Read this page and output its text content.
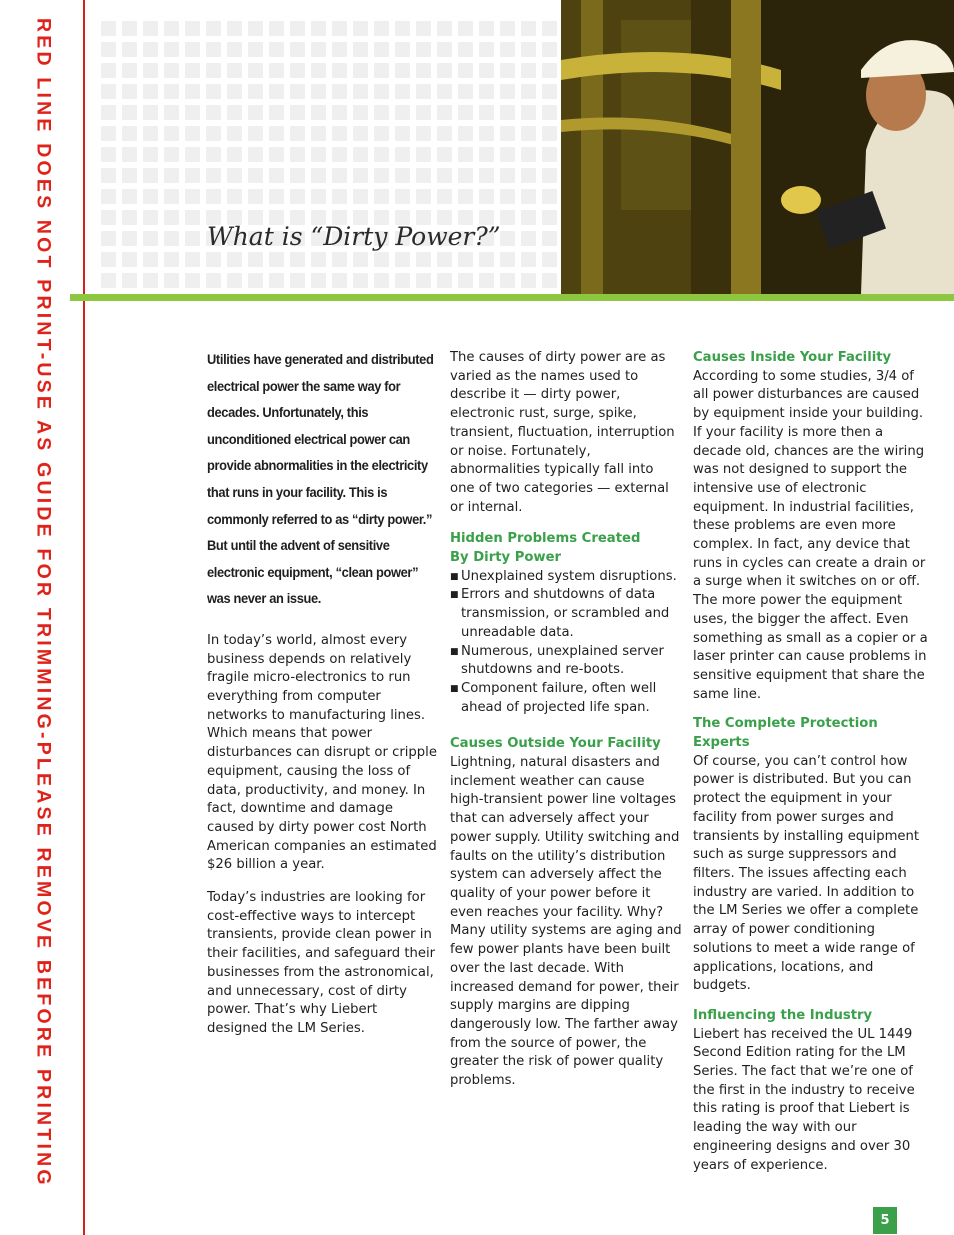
RED LINE DOES NOT PRINT-USE AS GUIDE FOR TRIMMING-PLEASE REMOVE BEFORE PRINTING	What is “Dirty Power?”

Utilities have generated and distributed electrical power the same way for decades. Unfortunately, this unconditioned electrical power can provide abnormalities in the electricity that runs in your facility. This is commonly referred to as “dirty power.” But until the advent of sensitive electronic equipment, “clean power” was never an issue.

In today’s world, almost every business depends on relatively fragile micro-electronics to run everything from computer networks to manufacturing lines. Which means that power disturbances can disrupt or cripple equipment, causing the loss of data, productivity, and money. In fact, downtime and damage caused by dirty power cost North American companies an estimated $26 billion a year.

Today’s industries are looking for cost-effective ways to intercept transients, provide clean power in their facilities, and safeguard their businesses from the astronomical, and unnecessary, cost of dirty power. That’s why Liebert designed the LM Series.

The causes of dirty power are as varied as the names used to describe it — dirty power, electronic rust, surge, spike, transient, fluctuation, interruption or noise. Fortunately, abnormalities typically fall into one of two categories — external or internal.

Hidden Problems Created
By Dirty Power
■ Unexplained system disruptions.
■ Errors and shutdowns of data transmission, or scrambled and unreadable data.
■ Numerous, unexplained server shutdowns and re-boots.
■ Component failure, often well ahead of projected life span.
Causes Outside Your Facility

Lightning, natural disasters and inclement weather can cause high-transient power line voltages that can adversely affect your power supply. Utility switching and faults on the utility’s distribution system can adversely affect the quality of your power before it even reaches your facility. Why? Many utility systems are aging and few power plants have been built over the last decade. With increased demand for power, their supply margins are dipping dangerously low. The farther away from the source of power, the greater the risk of power quality problems.

Causes Inside Your Facility

According to some studies, 3/4 of all power disturbances are caused by equipment inside your building. If your facility is more then a decade old, chances are the wiring was not designed to support the intensive use of electronic equipment. In industrial facilities, these problems are even more complex. In fact, any device that runs in cycles can create a drain or a surge when it switches on or off. The more power the equipment uses, the bigger the affect. Even something as small as a copier or a laser printer can cause problems in sensitive equipment that share the same line.

The Complete Protection Experts

Of course, you can’t control how power is distributed. But you can protect the equipment in your facility from power surges and transients by installing equipment such as surge suppressors and filters. The issues affecting each industry are varied. In addition to the LM Series we offer a complete array of power conditioning solutions to meet a wide range of applications, locations, and budgets.

Influencing the Industry

Liebert has received the UL 1449 Second Edition rating for the LM Series. The fact that we’re one of the first in the industry to receive this rating is proof that Liebert is leading the way with our engineering designs and over 30 years of experience.

5
